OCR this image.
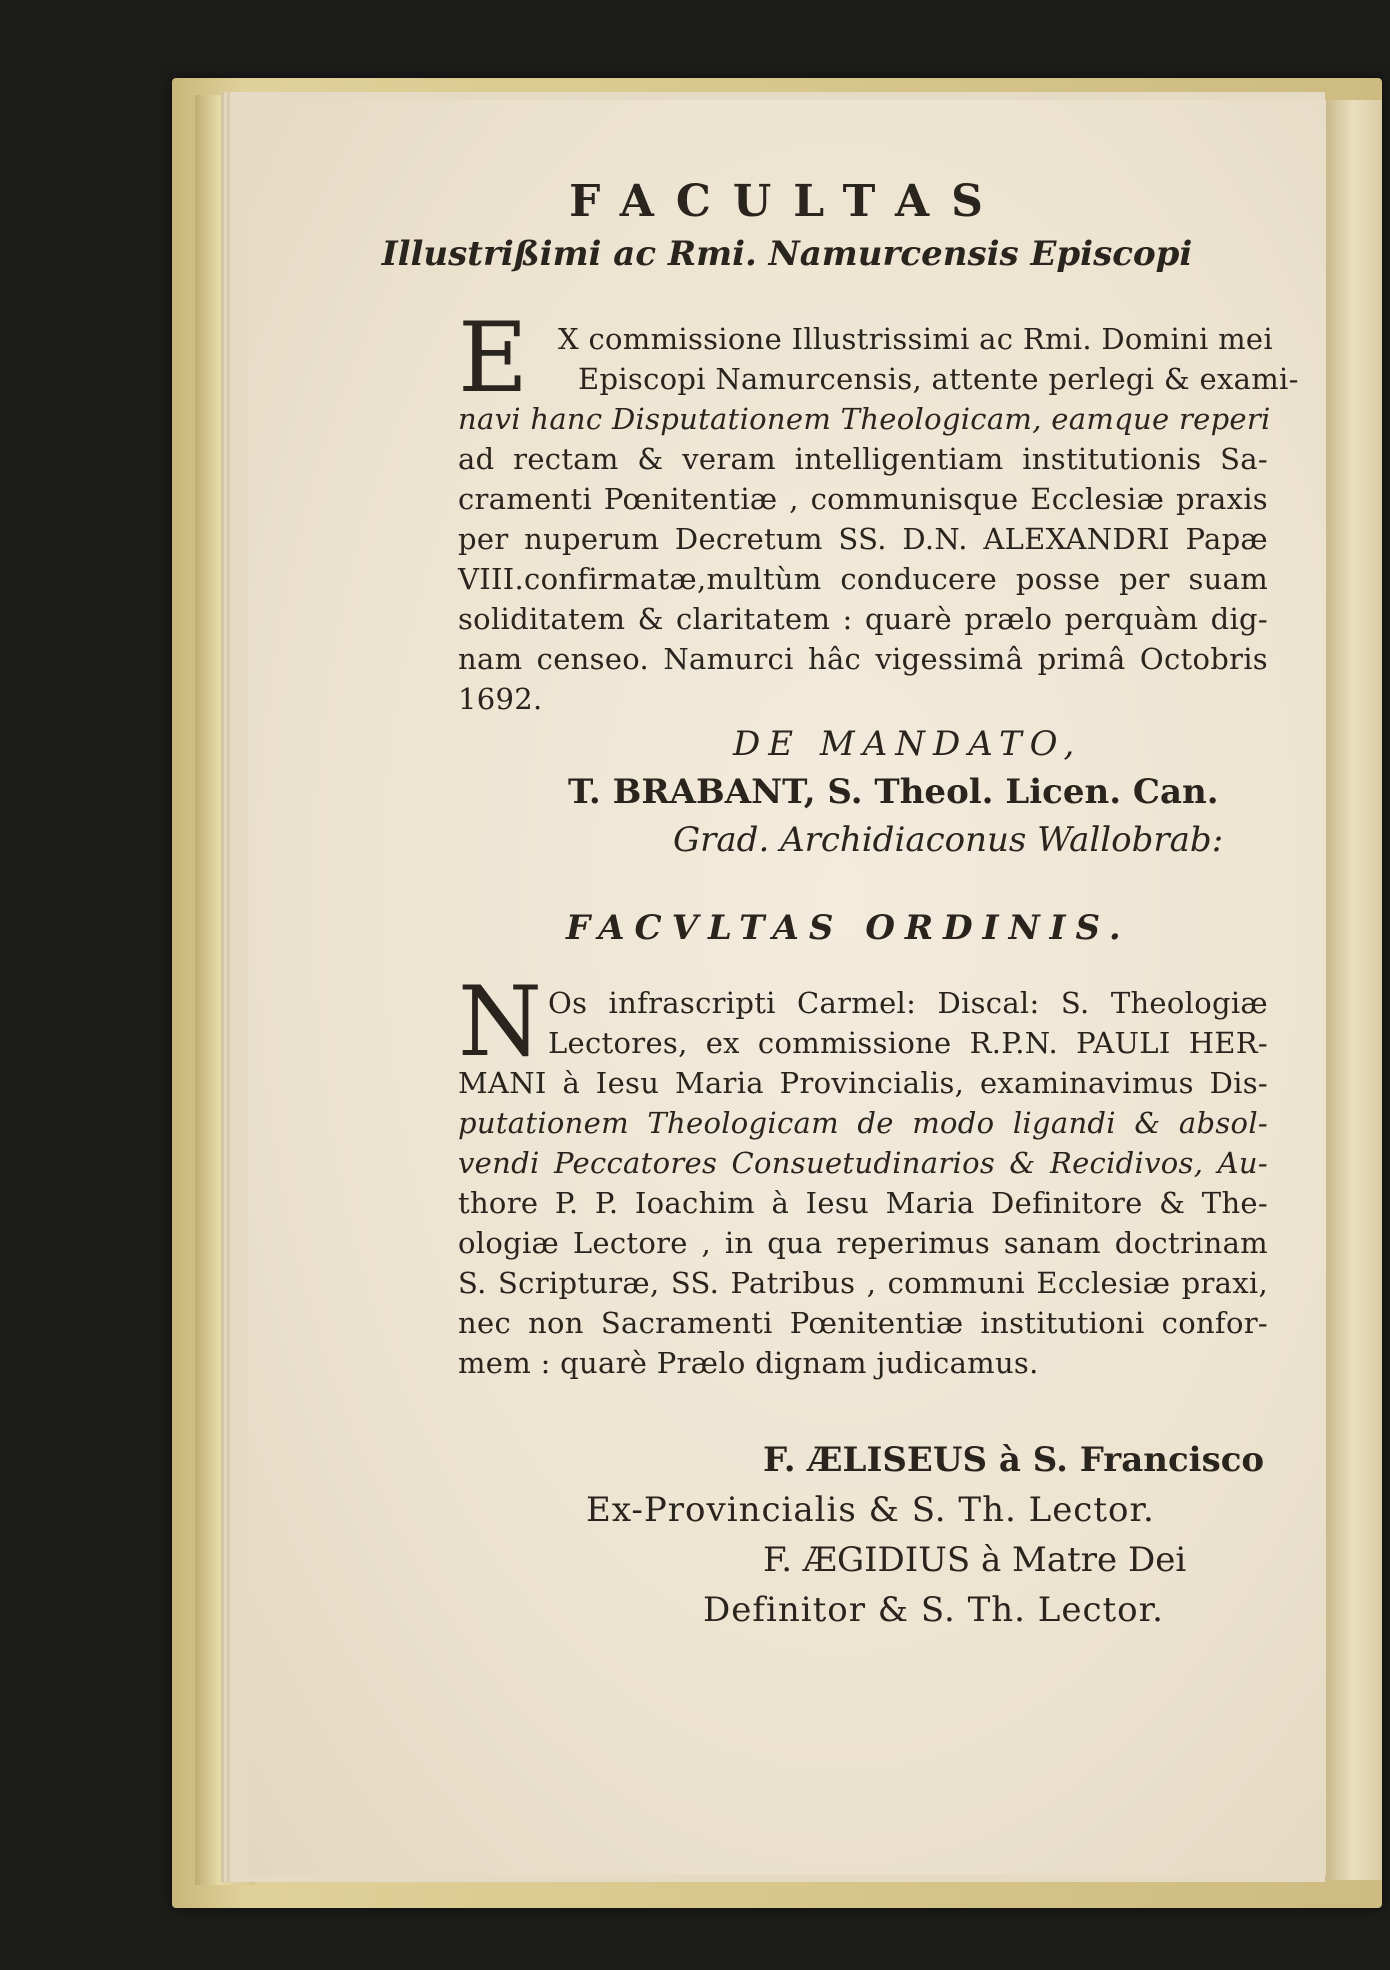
FACULTAS
Illustrißimi ac Rmi. Namurcensis Episcopi
E X commissione Illustrissimi ac Rmi. Domini mei
Episcopi Namurcensis, attente perlegi & exami-
navi hanc Disputationem Theologicam, eamque reperi
ad rectam & veram intelligentiam institutionis Sa-
cramenti Pœnitentiæ , communisque Ecclesiæ praxis
per nuperum Decretum SS. D.N. ALEXANDRI Papæ
VIII.confirmatæ,multùm conducere posse per suam
soliditatem & claritatem : quarè prælo perquàm dig-
nam censeo. Namurci hâc vigessimâ primâ Octobris
1692.
DE MANDATO,
T. BRABANT, S. Theol. Licen. Can.
Grad. Archidiaconus Wallobrab:
FACVLTAS ORDINIS.
N Os infrascripti Carmel: Discal: S. Theologiæ
Lectores, ex commissione R.P.N. PAULI HER-
MANI à Iesu Maria Provincialis, examinavimus Dis-
putationem Theologicam de modo ligandi & absol-
vendi Peccatores Consuetudinarios & Recidivos, Au-
thore P. P. Ioachim à Iesu Maria Definitore & The-
ologiæ Lectore , in qua reperimus sanam doctrinam
S. Scripturæ, SS. Patribus , communi Ecclesiæ praxi,
nec non Sacramenti Pœnitentiæ institutioni confor-
mem : quarè Prælo dignam judicamus.
F. ÆLISEUS à S. Francisco
Ex-Provincialis & S. Th. Lector.
F. ÆGIDIUS à Matre Dei
Definitor & S. Th. Lector.
